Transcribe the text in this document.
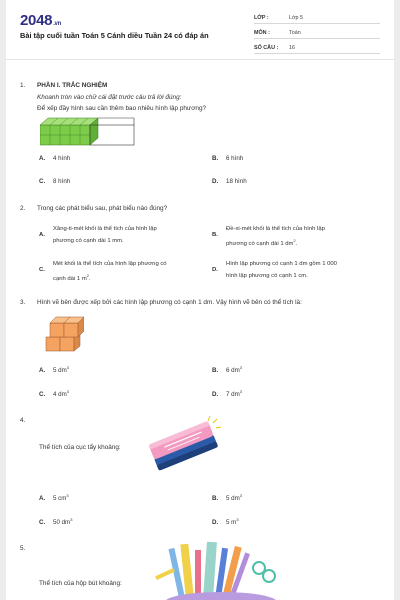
2048.vn
Bài tập cuối tuần Toán 5 Cánh diều Tuần 24 có đáp án
LỚP :	Lớp 5
MÔN :	Toán
SỐ CÂU : 16
1. PHẦN I. TRẮC NGHIỆM
Khoanh tròn vào chữ cái đặt trước câu trả lời đúng:
Để xếp đầy hình sau cần thêm bao nhiêu hình lập phương?
A. 4 hình	B. 6 hình
C. 8 hình	D. 18 hình
2. Trong các phát biểu sau, phát biểu nào đúng?
A.
Xăng-ti-mét khối là thể tích của hình lập
phương có cạnh dài 1 mm.
B.
Đề-xi-mét khối là thể tích của hình lập
phương có cạnh dài 1 $dm^2$.
C.
Mét khối là thể tích của hình lập phương có
cạnh dài 1 $m^2$.
D.
Hình lập phương có cạnh 1 dm gồm 1 000
hình lập phương có cạnh 1 cm.
3. Hình vẽ bên được xếp bởi các hình lập phương có cạnh 1 dm. Vậy hình vẽ bên có thể tích là:
A. 5 $dm^3$	B. 6 $dm^3$
C. 4 $dm^3$	D. 7 $dm^3$
4.
Thể tích của cục tẩy khoảng:
A. 5 $cm^3$	B. 5 $dm^3$
C. 50 $dm^3$	D. 5 $m^3$
5.
Thể tích của hộp bút khoảng:
